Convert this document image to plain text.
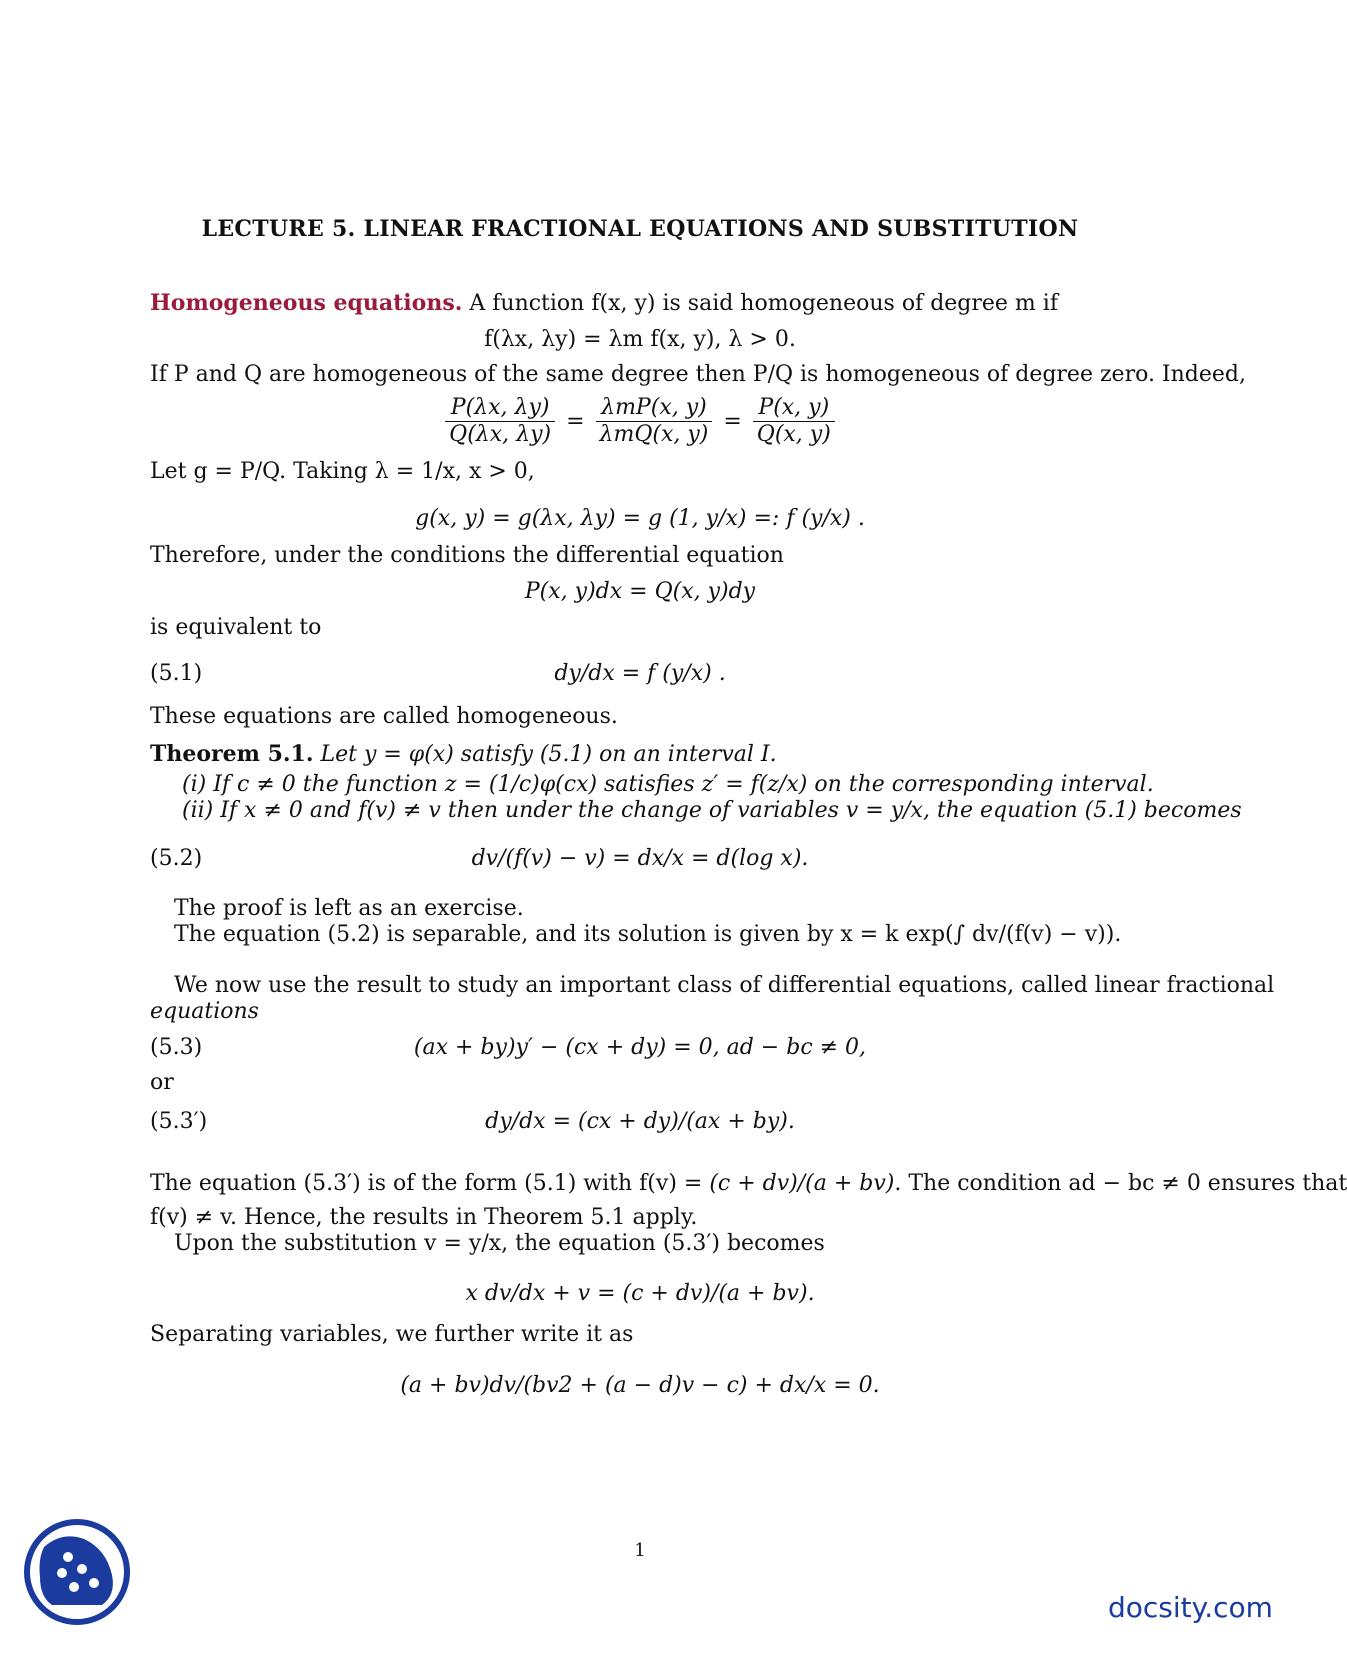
LECTURE 5. LINEAR FRACTIONAL EQUATIONS AND SUBSTITUTION
Homogeneous equations. A function f(x, y) is said homogeneous of degree m if
f(λx, λy) = λm f(x, y), λ > 0.
If P and Q are homogeneous of the same degree then P/Q is homogeneous of degree zero. Indeed,
$\frac{P(\lambda x, \lambda y)}{Q(\lambda x, \lambda y)} = \frac{\text{λmP(x, y)}}{\text{λmQ(x, y)}} = \frac{P(x, y)}{Q(x, y)}$
Let g = P/Q. Taking λ = 1/x, x > 0,
g(x, y) = g(λx, λy) = g (1, y/x) =: f (y/x) .
Therefore, under the conditions the differential equation
P(x, y)dx = Q(x, y)dy
is equivalent to
(5.1)	dy/dx = f (y/x) .
These equations are called homogeneous.
Theorem 5.1. Let y = φ(x) satisfy (5.1) on an interval I.
(i) If c ≠ 0 the function z = (1/c)φ(cx) satisfies z′ = f(z/x) on the corresponding interval.
(ii) If x ≠ 0 and f(v) ≠ v then under the change of variables v = y/x, the equation (5.1) becomes
(5.2)	dv/(f(v) − v) = dx/x = d(log x).
The proof is left as an exercise.
The equation (5.2) is separable, and its solution is given by x = k exp(∫ dv/(f(v) − v)).
We now use the result to study an important class of differential equations, called linear fractional
equations
(5.3)	(ax + by)y′ − (cx + dy) = 0, ad − bc ≠ 0,
or
(5.3′)	dy/dx = (cx + dy)/(ax + by).
The equation (5.3′) is of the form (5.1) with f(v) = (c + dv)/(a + bv). The condition ad − bc ≠ 0 ensures that
f(v) ≠ v. Hence, the results in Theorem 5.1 apply.
Upon the substitution v = y/x, the equation (5.3′) becomes
x dv/dx + v = (c + dv)/(a + bv).
Separating variables, we further write it as
(a + bv)dv/(bv2 + (a − d)v − c) + dx/x = 0.
1
docsity.com
